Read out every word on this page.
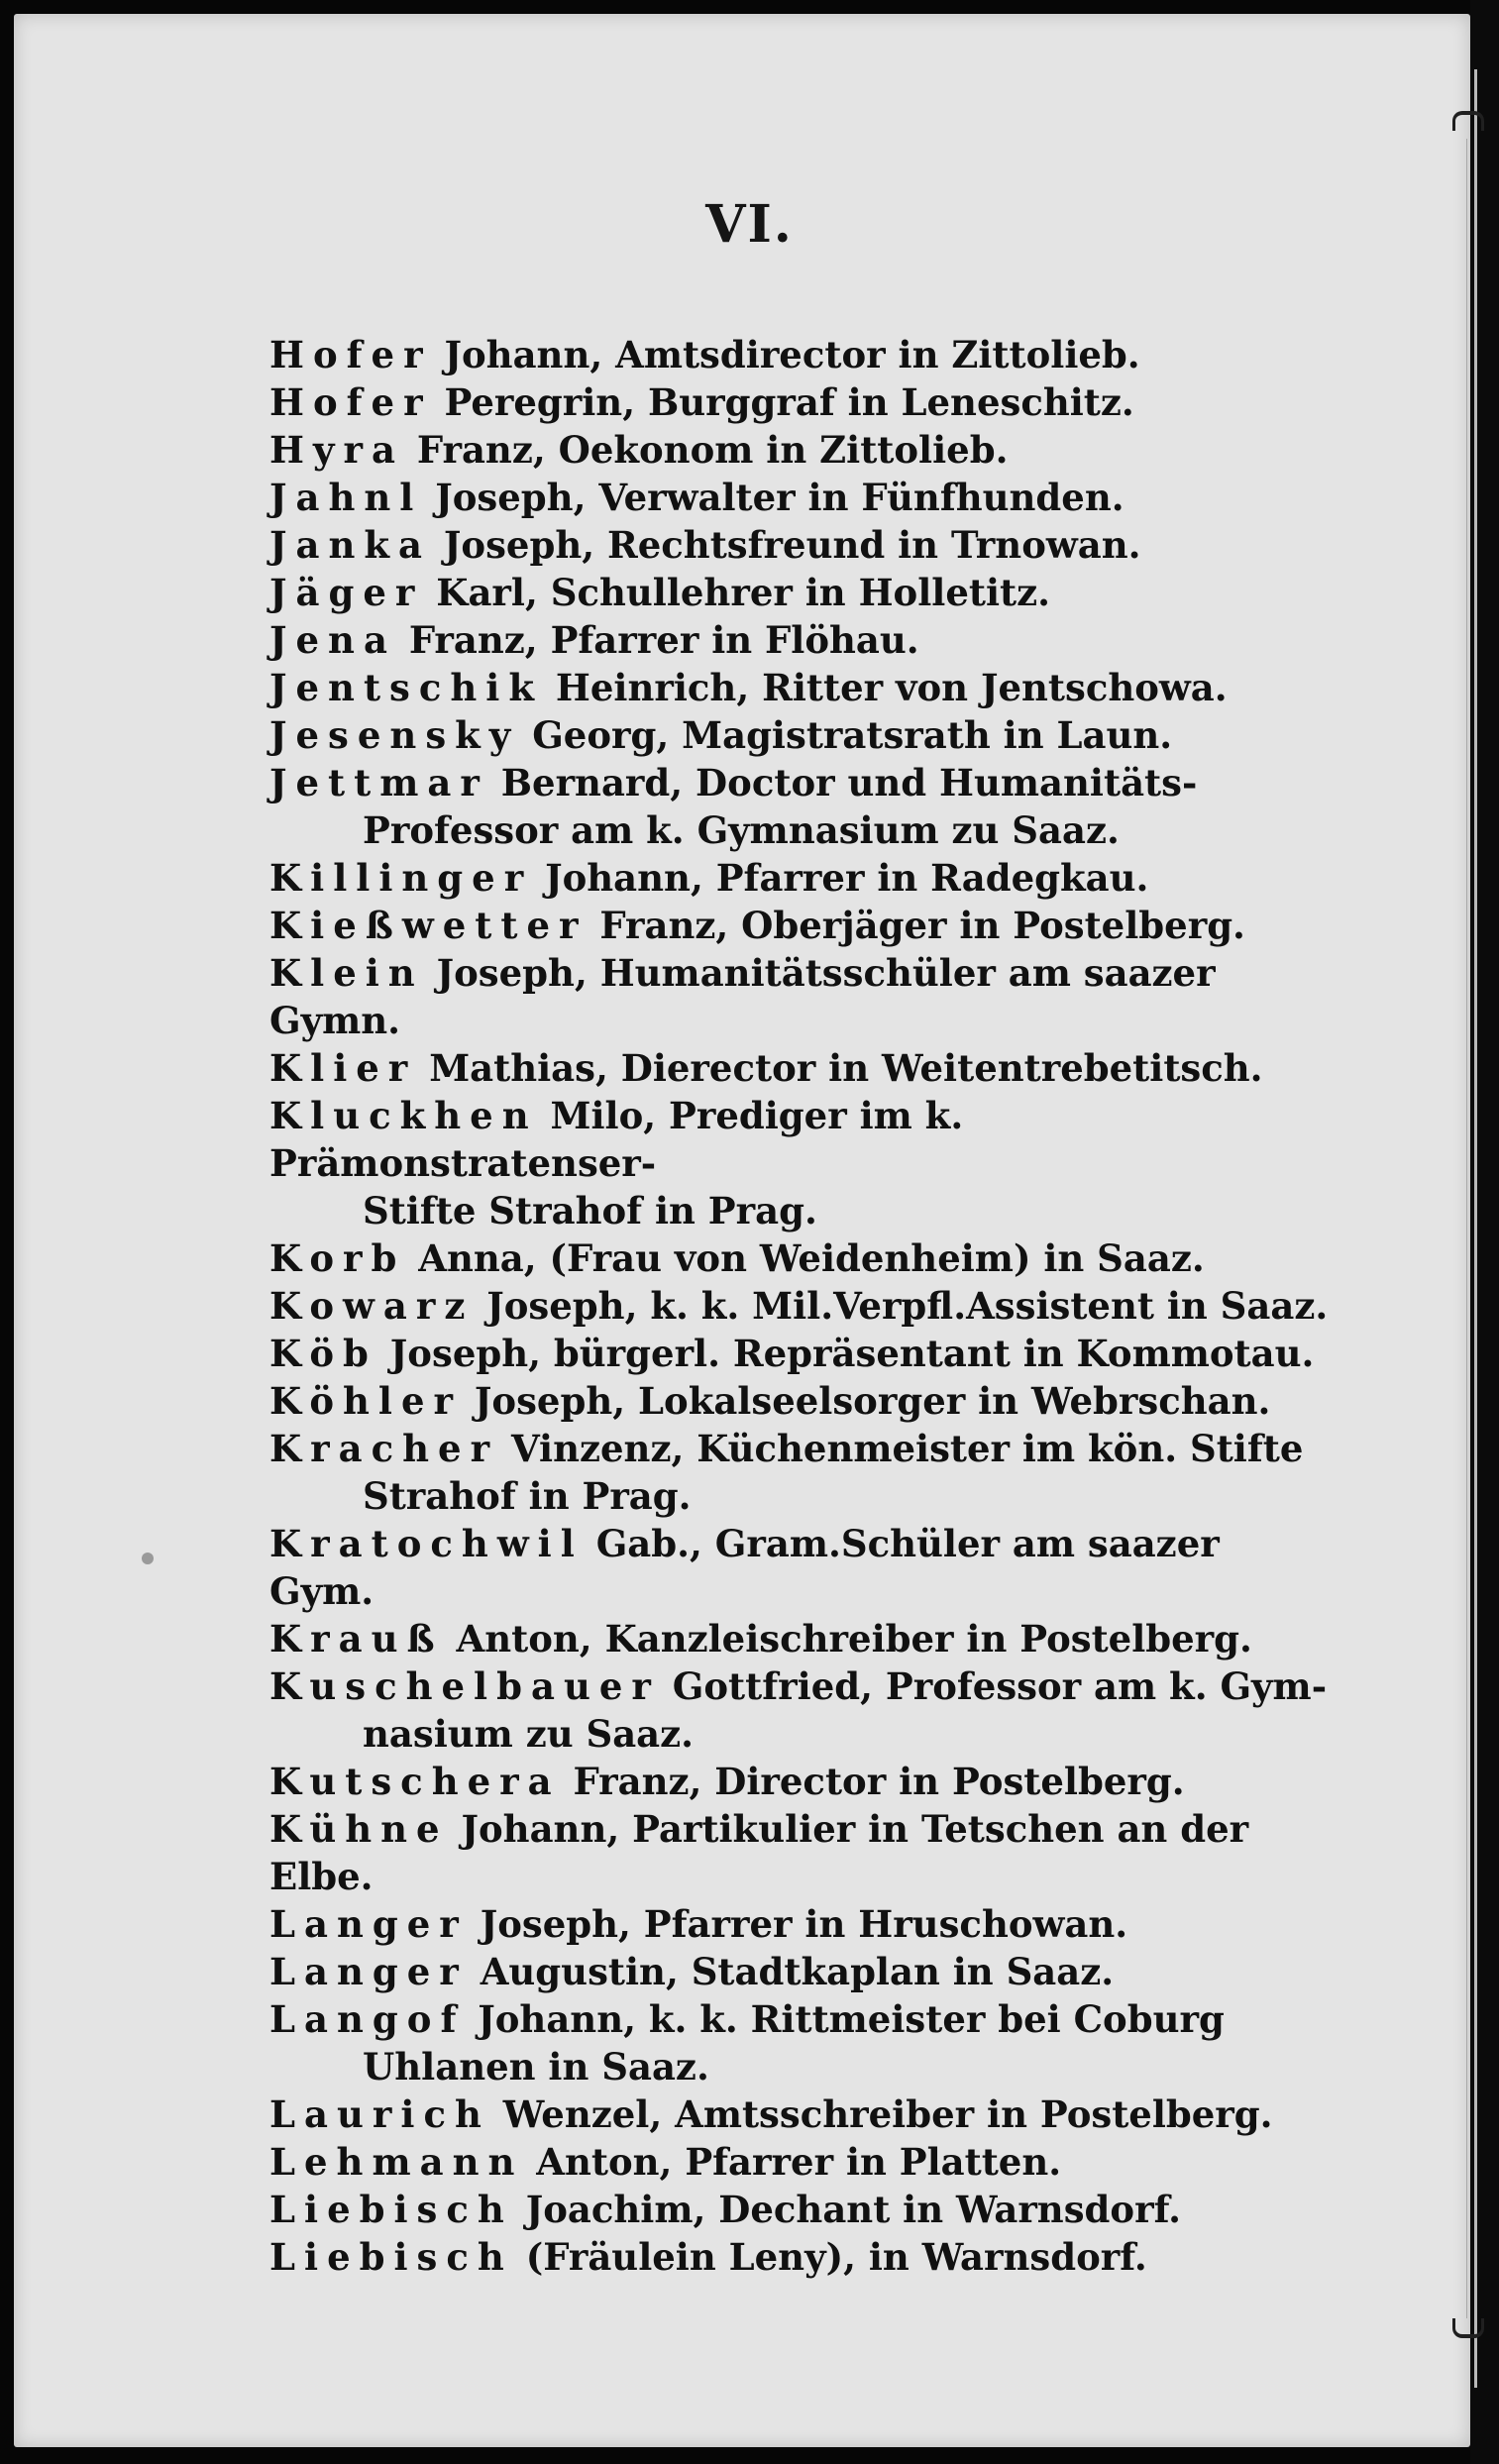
VI.
Hofer Johann, Amtsdirector in Zittolieb.
Hofer Peregrin, Burggraf in Leneschitz.
Hyra Franz, Oekonom in Zittolieb.
Jahnl Joseph, Verwalter in Fünfhunden.
Janka Joseph, Rechtsfreund in Trnowan.
Jäger Karl, Schullehrer in Holletitz.
Jena Franz, Pfarrer in Flöhau.
Jentschik Heinrich, Ritter von Jentschowa.
Jesensky Georg, Magistratsrath in Laun.
Jettmar Bernard, Doctor und Humanitäts-
Professor am k. Gymnasium zu Saaz.
Killinger Johann, Pfarrer in Radegkau.
Kießwetter Franz, Oberjäger in Postelberg.
Klein Joseph, Humanitätsschüler am saazer Gymn.
Klier Mathias, Dierector in Weitentrebetitsch.
Kluckhen Milo, Prediger im k. Prämonstratenser-
Stifte Strahof in Prag.
Korb Anna, (Frau von Weidenheim) in Saaz.
Kowarz Joseph, k. k. Mil.Verpfl.Assistent in Saaz.
Köb Joseph, bürgerl. Repräsentant in Kommotau.
Köhler Joseph, Lokalseelsorger in Webrschan.
Kracher Vinzenz, Küchenmeister im kön. Stifte
Strahof in Prag.
Kratochwil Gab., Gram.Schüler am saazer Gym.
Krauß Anton, Kanzleischreiber in Postelberg.
Kuschelbauer Gottfried, Professor am k. Gym-
nasium zu Saaz.
Kutschera Franz, Director in Postelberg.
Kühne Johann, Partikulier in Tetschen an der Elbe.
Langer Joseph, Pfarrer in Hruschowan.
Langer Augustin, Stadtkaplan in Saaz.
Langof Johann, k. k. Rittmeister bei Coburg
Uhlanen in Saaz.
Laurich Wenzel, Amtsschreiber in Postelberg.
Lehmann Anton, Pfarrer in Platten.
Liebisch Joachim, Dechant in Warnsdorf.
Liebisch (Fräulein Leny), in Warnsdorf.
